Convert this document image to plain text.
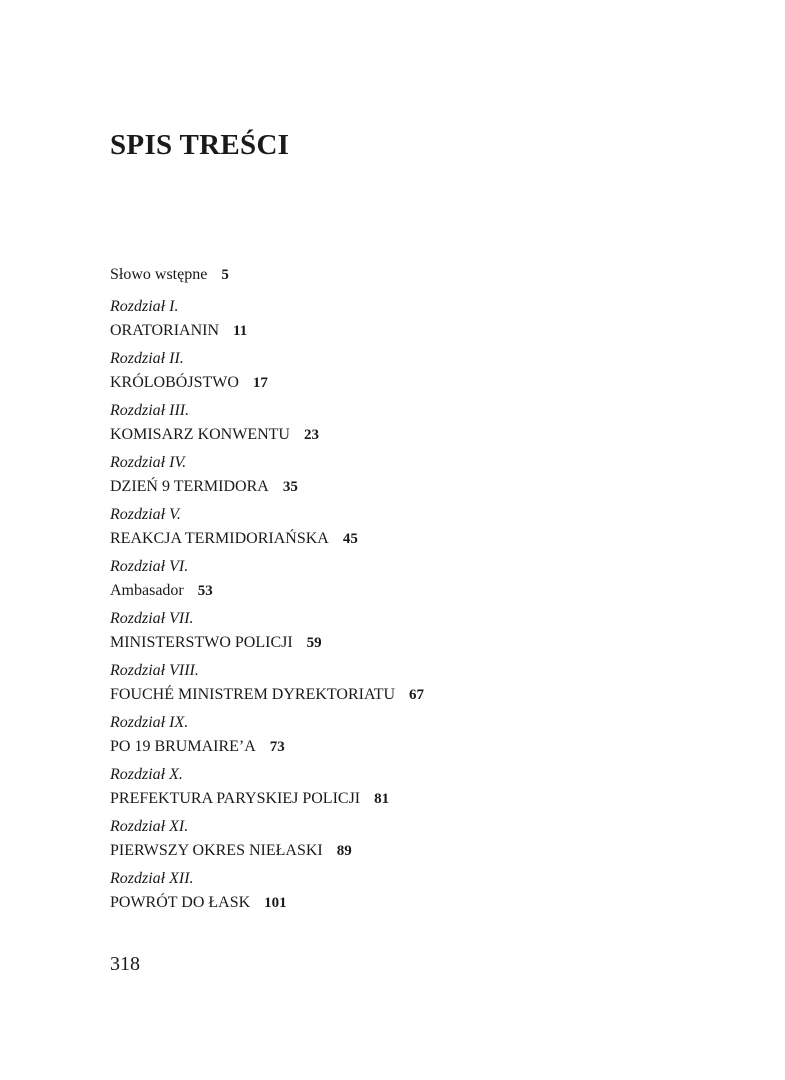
SPIS TREŚCI
Słowo wstępne 5
Rozdział I.
ORATORIANIN 11
Rozdział II.
KRÓLOBÓJSTWO 17
Rozdział III.
KOMISARZ KONWENTU 23
Rozdział IV.
DZIEŃ 9 TERMIDORA 35
Rozdział V.
REAKCJA TERMIDORIAŃSKA 45
Rozdział VI.
Ambasador 53
Rozdział VII.
MINISTERSTWO POLICJI 59
Rozdział VIII.
FOUCHÉ MINISTREM DYREKTORIATU 67
Rozdział IX.
PO 19 BRUMAIRE’A 73
Rozdział X.
PREFEKTURA PARYSKIEJ POLICJI 81
Rozdział XI.
PIERWSZY OKRES NIEŁASKI 89
Rozdział XII.
POWRÓT DO ŁASK 101
318
